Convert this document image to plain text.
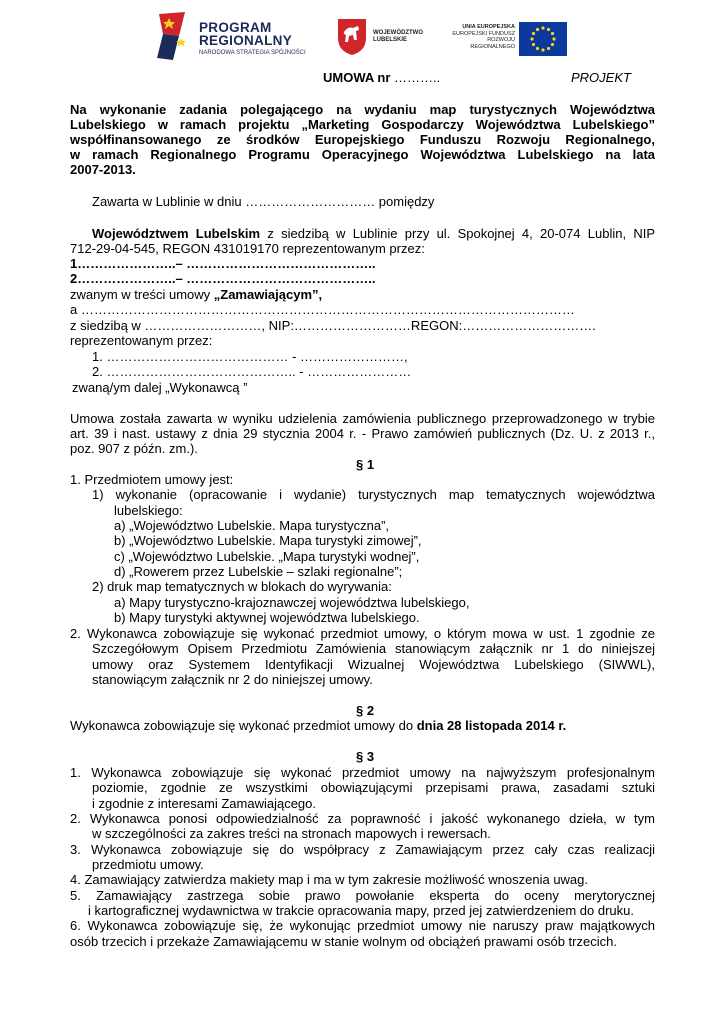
PROGRAM
REGIONALNY
NARODOWA STRATEGIA SPÓJNOŚCI
WOJEWÓDZTWO
LUBELSKIE
UNIA EUROPEJSKA
EUROPEJSKI FUNDUSZ
ROZWOJU REGIONALNEGO
UMOWA nr ………..	PROJEKT
Na wykonanie zadania polegającego na wydaniu map turystycznych Województwa
Lubelskiego w ramach projektu „Marketing Gospodarczy Województwa Lubelskiego”
współfinansowanego ze środków Europejskiego Funduszu Rozwoju Regionalnego,
w ramach Regionalnego Programu Operacyjnego Województwa Lubelskiego na lata
2007-2013.
Zawarta w Lublinie w dniu ………………………… pomiędzy
Województwem Lubelskim z siedzibą w Lublinie przy ul. Spokojnej 4, 20-074 Lublin, NIP
712-29-04-545, REGON 431019170 reprezentowanym przez:
1…………………..– ……………………………………..
2…………………..– ……………………………………..
zwanym w treści umowy „Zamawiającym”,
a ……………………………………………………………………………………………………
z siedzibą w ………………………, NIP:………………………REGON:………………………….
reprezentowanym przez:
1. …………………………………… - ……………………,
2. …………………………………….. - ……………………
zwaną/ym dalej „Wykonawcą ”
Umowa została zawarta w wyniku udzielenia zamówienia publicznego przeprowadzonego w trybie
art. 39 i nast. ustawy z dnia 29 stycznia 2004 r. - Prawo zamówień publicznych (Dz. U. z 2013 r.,
poz. 907 z późn. zm.).
§ 1
1. Przedmiotem umowy jest:
1) wykonanie (opracowanie i wydanie) turystycznych map tematycznych województwa
lubelskiego:
a) „Województwo Lubelskie. Mapa turystyczna”,
b) „Województwo Lubelskie. Mapa turystyki zimowej”,
c) „Województwo Lubelskie. „Mapa turystyki wodnej”,
d) „Rowerem przez Lubelskie – szlaki regionalne”;
2) druk map tematycznych w blokach do wyrywania:
a) Mapy turystyczno-krajoznawczej województwa lubelskiego,
b) Mapy turystyki aktywnej województwa lubelskiego.
2. Wykonawca zobowiązuje się wykonać przedmiot umowy, o którym mowa w ust. 1 zgodnie ze
Szczegółowym Opisem Przedmiotu Zamówienia stanowiącym załącznik nr 1 do niniejszej
umowy oraz Systemem Identyfikacji Wizualnej Województwa Lubelskiego (SIWWL),
stanowiącym załącznik nr 2 do niniejszej umowy.
§ 2
Wykonawca zobowiązuje się wykonać przedmiot umowy do dnia 28 listopada 2014 r.
§ 3
1. Wykonawca zobowiązuje się wykonać przedmiot umowy na najwyższym profesjonalnym
poziomie, zgodnie ze wszystkimi obowiązującymi przepisami prawa, zasadami sztuki
i zgodnie z interesami Zamawiającego.
2. Wykonawca ponosi odpowiedzialność za poprawność i jakość wykonanego dzieła, w tym
w szczególności za zakres treści na stronach mapowych i rewersach.
3. Wykonawca zobowiązuje się do współpracy z Zamawiającym przez cały czas realizacji
przedmiotu umowy.
4. Zamawiający zatwierdza makiety map i ma w tym zakresie możliwość wnoszenia uwag.
5. Zamawiający zastrzega sobie prawo powołanie eksperta do oceny merytorycznej
i kartograficznej wydawnictwa w trakcie opracowania mapy, przed jej zatwierdzeniem do druku.
6. Wykonawca zobowiązuje się, że wykonując przedmiot umowy nie naruszy praw majątkowych
osób trzecich i przekaże Zamawiającemu w stanie wolnym od obciążeń prawami osób trzecich.
